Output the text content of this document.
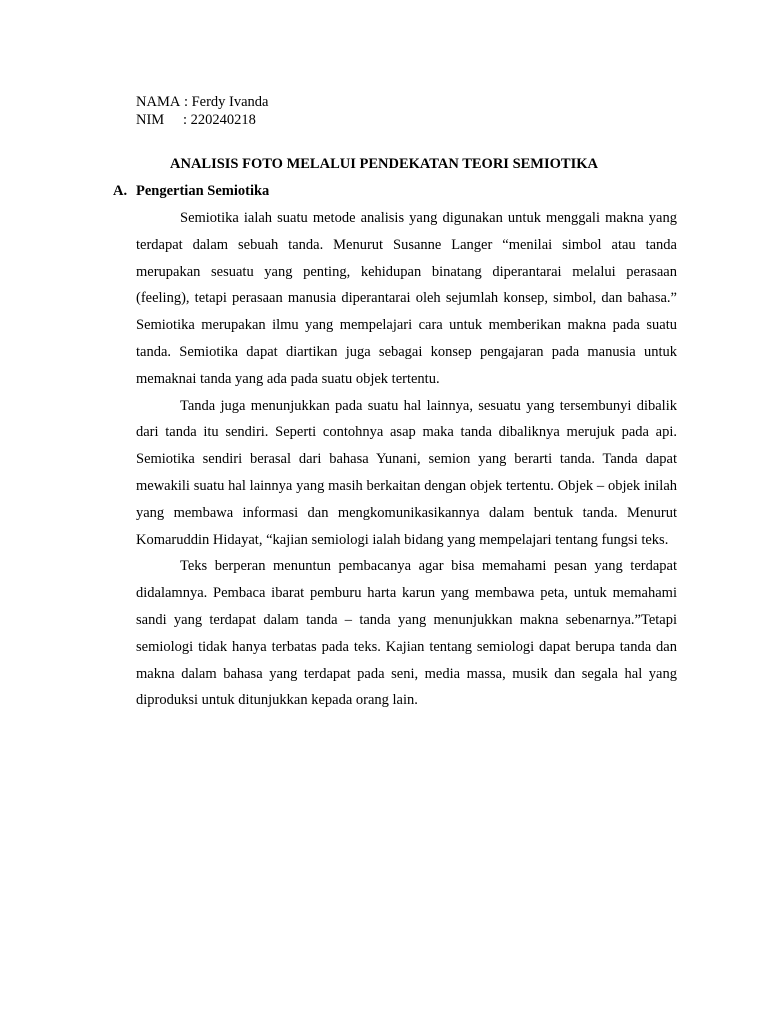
NAMA
: Ferdy Ivanda
NIM	: 220240218
ANALISIS FOTO MELALUI PENDEKATAN TEORI SEMIOTIKA
A. Pengertian Semiotika

Semiotika ialah suatu metode analisis yang digunakan untuk menggali makna yang terdapat dalam sebuah tanda. Menurut Susanne Langer “menilai simbol atau tanda merupakan sesuatu yang penting, kehidupan binatang diperantarai melalui perasaan (feeling), tetapi perasaan manusia diperantarai oleh sejumlah konsep, simbol, dan bahasa.” Semiotika merupakan ilmu yang mempelajari cara untuk memberikan makna pada suatu tanda. Semiotika dapat diartikan juga sebagai konsep pengajaran pada manusia untuk memaknai tanda yang ada pada suatu objek tertentu.

Tanda juga menunjukkan pada suatu hal lainnya, sesuatu yang tersembunyi dibalik dari tanda itu sendiri. Seperti contohnya asap maka tanda dibaliknya merujuk pada api. Semiotika sendiri berasal dari bahasa Yunani, semion yang berarti tanda. Tanda dapat mewakili suatu hal lainnya yang masih berkaitan dengan objek tertentu. Objek – objek inilah yang membawa informasi dan mengkomunikasikannya dalam bentuk tanda. Menurut Komaruddin Hidayat, “kajian semiologi ialah bidang yang mempelajari tentang fungsi teks.

Teks berperan menuntun pembacanya agar bisa memahami pesan yang terdapat didalamnya. Pembaca ibarat pemburu harta karun yang membawa peta, untuk memahami sandi yang terdapat dalam tanda – tanda yang menunjukkan makna sebenarnya.”Tetapi semiologi tidak hanya terbatas pada teks. Kajian tentang semiologi dapat berupa tanda dan makna dalam bahasa yang terdapat pada seni, media massa, musik dan segala hal yang diproduksi untuk ditunjukkan kepada orang lain.
